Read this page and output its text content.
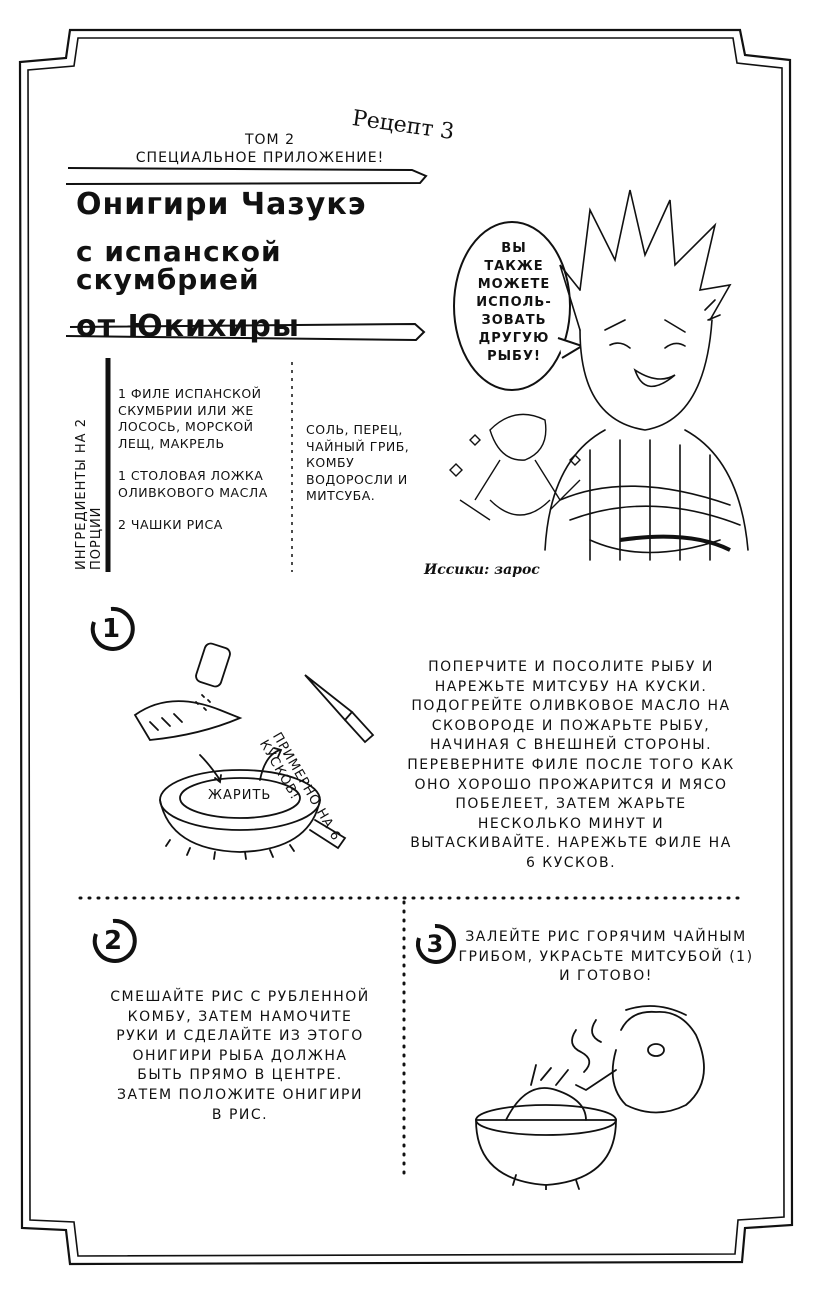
ТОМ 2
СПЕЦИАЛЬНОЕ ПРИЛОЖЕНИЕ!
Рецепт 3
Онигири Чазукэ
с испанской скумбрией
от Юкихиры
ВЫ
ТАКЖЕ
МОЖЕТЕ
ИСПОЛЬ-
ЗОВАТЬ
ДРУГУЮ
РЫБУ!
Иссики: зарос
ИНГРЕДИЕНТЫ НА 2 ПОРЦИИ
1 ФИЛЕ ИСПАНСКОЙ СКУМБРИИ ИЛИ ЖЕ ЛОСОСЬ, МОРСКОЙ ЛЕЩ, МАКРЕЛЬ
1 СТОЛОВАЯ ЛОЖКА ОЛИВКОВОГО МАСЛА
2 ЧАШКИ РИСА
СОЛЬ, ПЕРЕЦ, ЧАЙНЫЙ ГРИБ, КОМБУ ВОДОРОСЛИ И МИТСУБА.
1
ЖАРИТЬ
ПРИМЕРНО НА 6 КУСКОВ!
ПОПЕРЧИТЕ И ПОСОЛИТЕ РЫБУ И НАРЕЖЬТЕ МИТСУБУ НА КУСКИ. ПОДОГРЕЙТЕ ОЛИВКОВОЕ МАСЛО НА СКОВОРОДЕ И ПОЖАРЬТЕ РЫБУ, НАЧИНАЯ С ВНЕШНЕЙ СТОРОНЫ. ПЕРЕВЕРНИТЕ ФИЛЕ ПОСЛЕ ТОГО КАК ОНО ХОРОШО ПРОЖАРИТСЯ И МЯСО ПОБЕЛЕЕТ, ЗАТЕМ ЖАРЬТЕ НЕСКОЛЬКО МИНУТ И ВЫТАСКИВАЙТЕ. НАРЕЖЬТЕ ФИЛЕ НА 6 КУСКОВ.
2
СМЕШАЙТЕ РИС С РУБЛЕННОЙ КОМБУ, ЗАТЕМ НАМОЧИТЕ РУКИ И СДЕЛАЙТЕ ИЗ ЭТОГО ОНИГИРИ РЫБА ДОЛЖНА БЫТЬ ПРЯМО В ЦЕНТРЕ. ЗАТЕМ ПОЛОЖИТЕ ОНИГИРИ В РИС.
3	ЗАЛЕЙТЕ РИС ГОРЯЧИМ ЧАЙНЫМ ГРИБОМ, УКРАСЬТЕ МИТСУБОЙ (1) И ГОТОВО!
